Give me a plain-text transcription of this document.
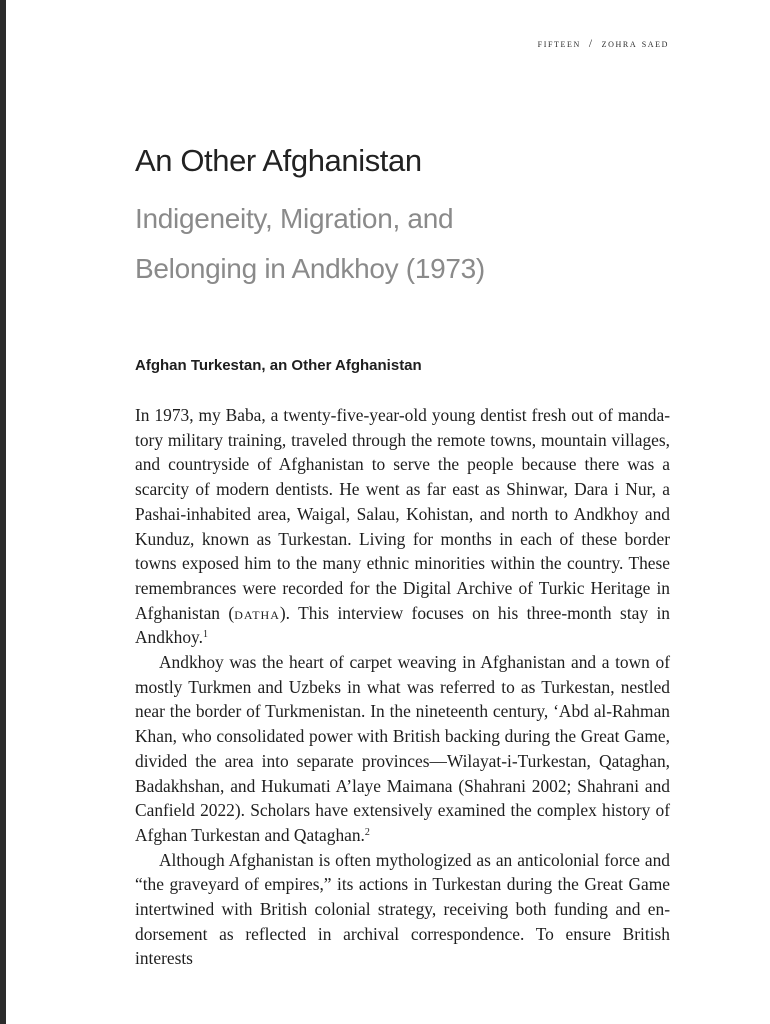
fifteen / zohra saed
An Other Afghanistan
Indigeneity, Migration, and
Belonging in Andkhoy (1973)
Afghan Turkestan, an Other Afghanistan

In 1973, my Baba, a twenty-five-year-old young dentist fresh out of mandatory military training, traveled through the remote towns, mountain villages, and countryside of Afghanistan to serve the people because there was a scarcity of modern dentists. He went as far east as Shinwar, Dara i Nur, a Pashai-inhabited area, Waigal, Salau, Kohistan, and north to Andkhoy and Kunduz, known as Turkestan. Living for months in each of these border towns exposed him to the many ethnic minorities within the country. These remembrances were recorded for the Digital Archive of Turkic Heritage in Afghanistan (datha). This interview focuses on his three-month stay in Andkhoy.$^1$

Andkhoy was the heart of carpet weaving in Afghanistan and a town of mostly Turkmen and Uzbeks in what was referred to as Turkestan, nestled near the border of Turkmenistan. In the nineteenth century, ‘Abd al-Rahman Khan, who consolidated power with British backing during the Great Game, divided the area into separate provinces—Wilayat-i-Turkestan, Qataghan, Badakhshan, and Hukumati A’laye Maimana (Shahrani 2002; Shahrani and Canfield 2022). Scholars have extensively examined the complex history of Afghan Turkestan and Qataghan.$^2$

Although Afghanistan is often mythologized as an anticolonial force and “the graveyard of empires,” its actions in Turkestan during the Great Game intertwined with British colonial strategy, receiving both funding and endorsement as reflected in archival correspondence. To ensure British interests
